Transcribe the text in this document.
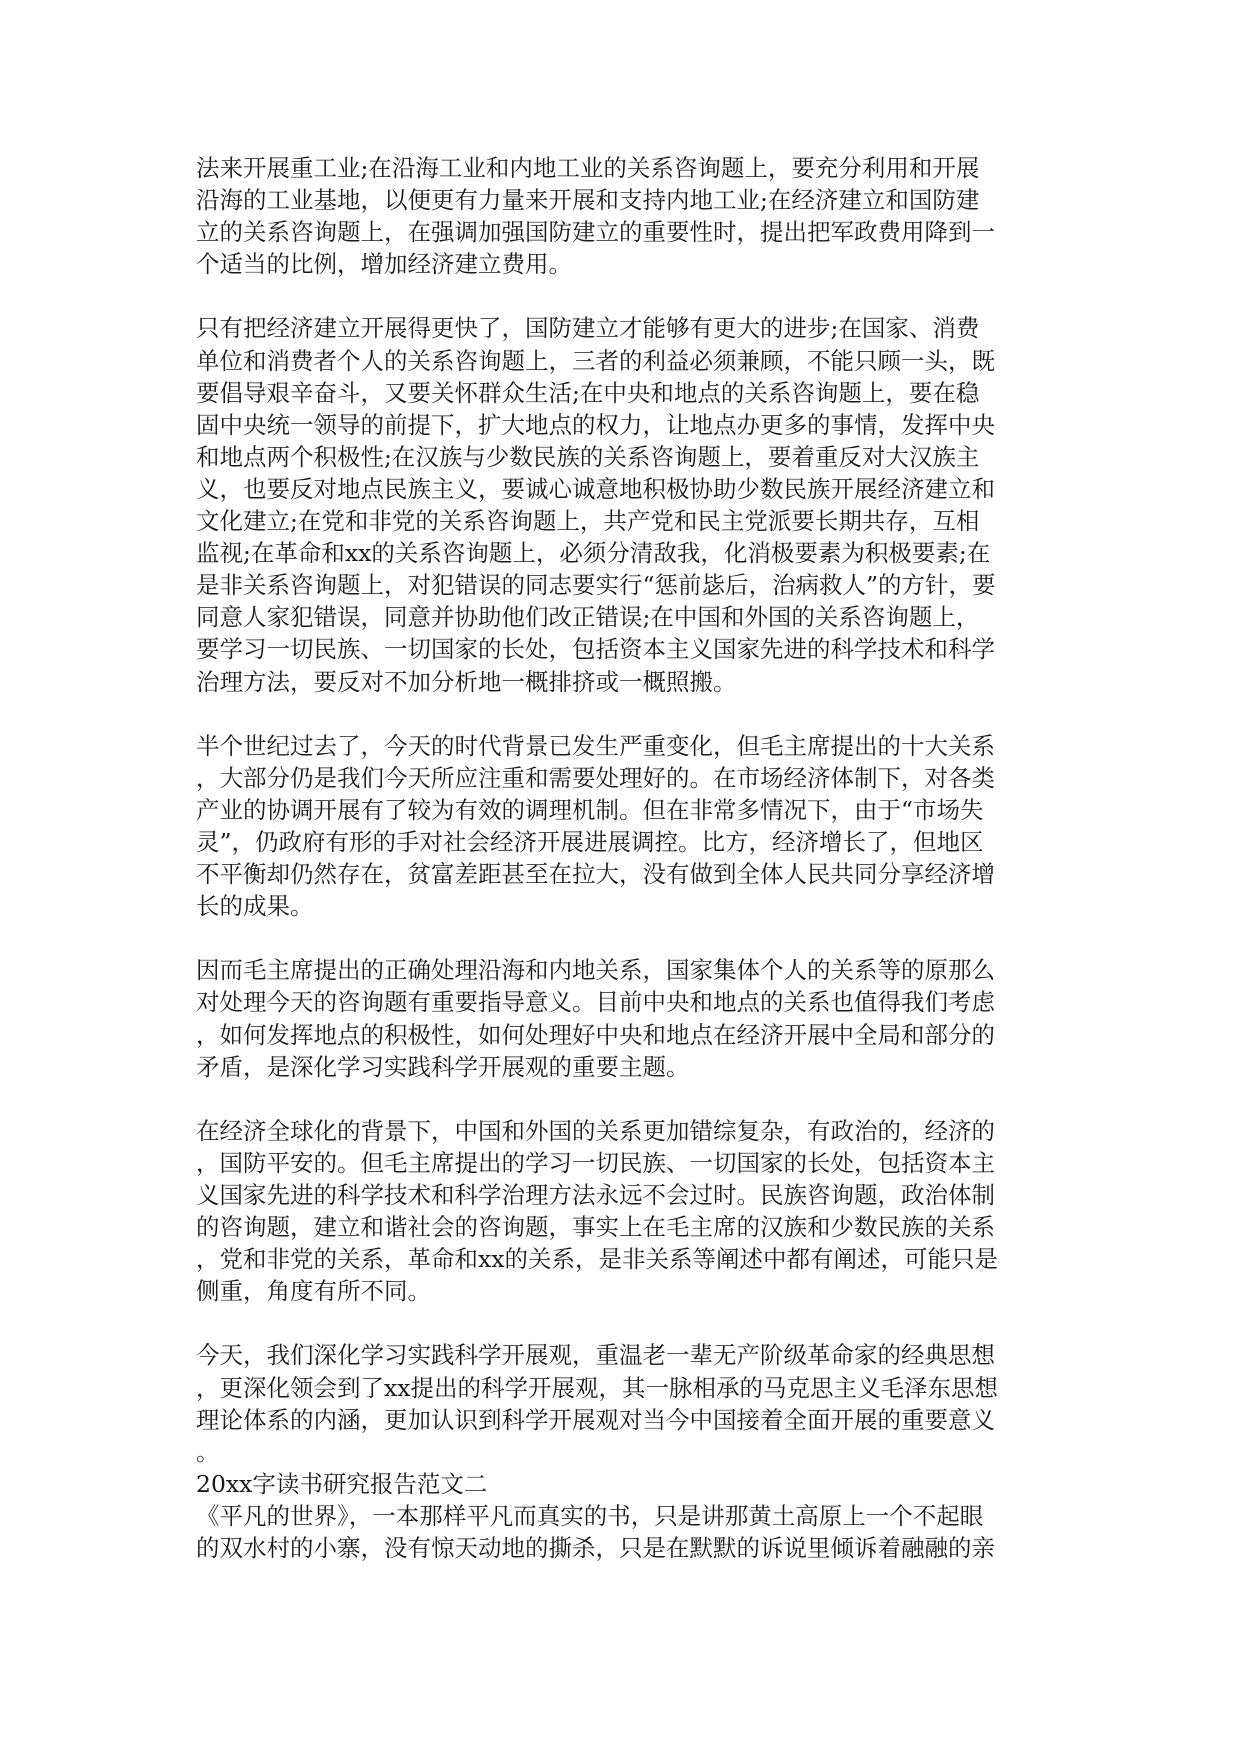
法来开展重工业;在沿海工业和内地工业的关系咨询题上，要充分利用和开展
沿海的工业基地，以便更有力量来开展和支持内地工业;在经济建立和国防建
立的关系咨询题上，在强调加强国防建立的重要性时，提出把军政费用降到一
个适当的比例，增加经济建立费用。
只有把经济建立开展得更快了，国防建立才能够有更大的进步;在国家、消费
单位和消费者个人的关系咨询题上，三者的利益必须兼顾，不能只顾一头，既
要倡导艰辛奋斗，又要关怀群众生活;在中央和地点的关系咨询题上，要在稳
固中央统一领导的前提下，扩大地点的权力，让地点办更多的事情，发挥中央
和地点两个积极性;在汉族与少数民族的关系咨询题上，要着重反对大汉族主
义，也要反对地点民族主义，要诚心诚意地积极协助少数民族开展经济建立和
文化建立;在党和非党的关系咨询题上，共产党和民主党派要长期共存，互相
监视;在革命和xx的关系咨询题上，必须分清敌我，化消极要素为积极要素;在
是非关系咨询题上，对犯错误的同志要实行“惩前毖后，治病救人”的方针，要
同意人家犯错误，同意并协助他们改正错误;在中国和外国的关系咨询题上，
要学习一切民族、一切国家的长处，包括资本主义国家先进的科学技术和科学
治理方法，要反对不加分析地一概排挤或一概照搬。
半个世纪过去了，今天的时代背景已发生严重变化，但毛主席提出的十大关系
，大部分仍是我们今天所应注重和需要处理好的。在市场经济体制下，对各类
产业的协调开展有了较为有效的调理机制。但在非常多情况下，由于“市场失
灵”，仍政府有形的手对社会经济开展进展调控。比方，经济增长了，但地区
不平衡却仍然存在，贫富差距甚至在拉大，没有做到全体人民共同分享经济增
长的成果。
因而毛主席提出的正确处理沿海和内地关系，国家集体个人的关系等的原那么
对处理今天的咨询题有重要指导意义。目前中央和地点的关系也值得我们考虑
，如何发挥地点的积极性，如何处理好中央和地点在经济开展中全局和部分的
矛盾，是深化学习实践科学开展观的重要主题。
在经济全球化的背景下，中国和外国的关系更加错综复杂，有政治的，经济的
，国防平安的。但毛主席提出的学习一切民族、一切国家的长处，包括资本主
义国家先进的科学技术和科学治理方法永远不会过时。民族咨询题，政治体制
的咨询题，建立和谐社会的咨询题，事实上在毛主席的汉族和少数民族的关系
，党和非党的关系，革命和xx的关系，是非关系等阐述中都有阐述，可能只是
侧重，角度有所不同。
今天，我们深化学习实践科学开展观，重温老一辈无产阶级革命家的经典思想
，更深化领会到了xx提出的科学开展观，其一脉相承的马克思主义毛泽东思想
理论体系的内涵，更加认识到科学开展观对当今中国接着全面开展的重要意义
。
20xx字读书研究报告范文二
《平凡的世界》，一本那样平凡而真实的书，只是讲那黄土高原上一个不起眼
的双水村的小寨，没有惊天动地的撕杀，只是在默默的诉说里倾诉着融融的亲
